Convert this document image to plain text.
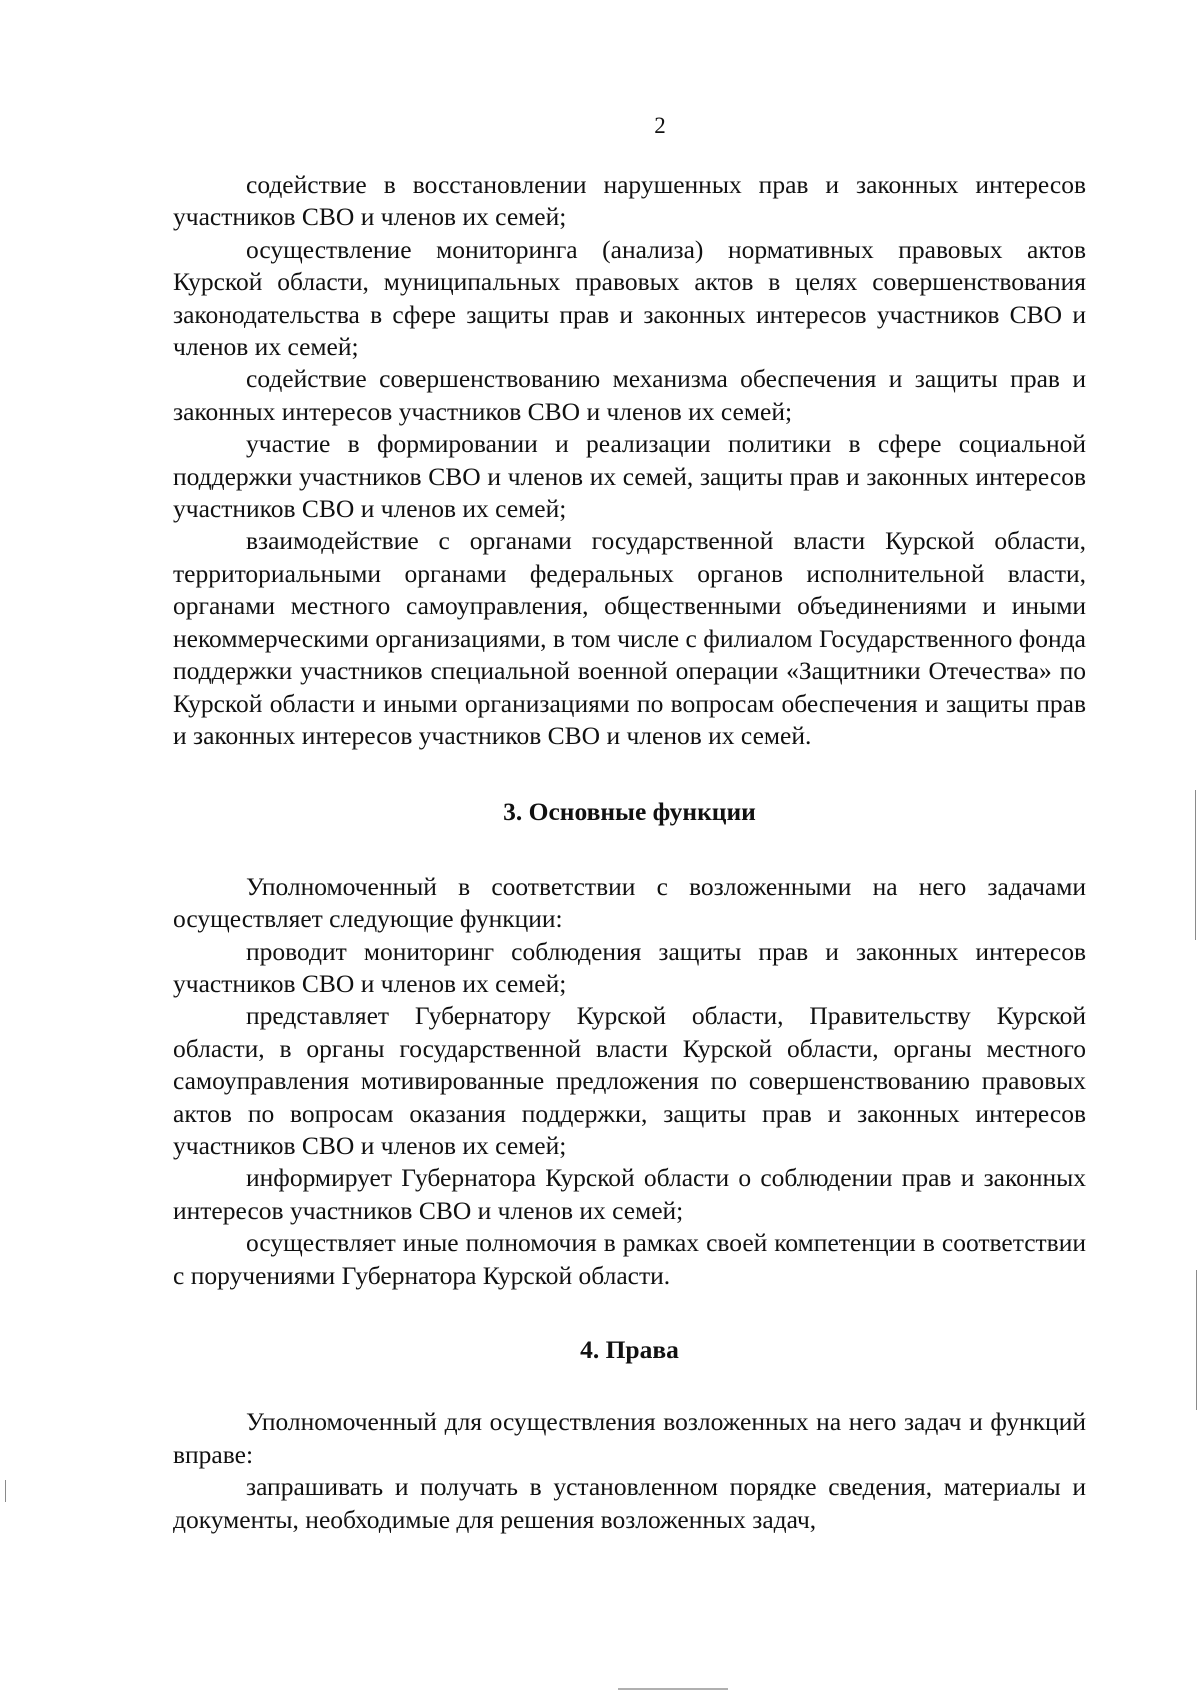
2

содействие в восстановлении нарушенных прав и законных интересов участников СВО и членов их семей;

осуществление мониторинга (анализа) нормативных правовых актов Курской области, муниципальных правовых актов в целях совершенствования законодательства в сфере защиты прав и законных интересов участников СВО и членов их семей;

содействие совершенствованию механизма обеспечения и защиты прав и законных интересов участников СВО и членов их семей;

участие в формировании и реализации политики в сфере социальной поддержки участников СВО и членов их семей, защиты прав и законных интересов участников СВО и членов их семей;

взаимодействие с органами государственной власти Курской области, территориальными органами федеральных органов исполнительной власти, органами местного самоуправления, общественными объединениями и иными некоммерческими организациями, в том числе с филиалом Государственного фонда поддержки участников специальной военной операции «Защитники Отечества» по Курской области и иными организациями по вопросам обеспечения и защиты прав и законных интересов участников СВО и членов их семей.

3. Основные функции

Уполномоченный в соответствии с возложенными на него задачами осуществляет следующие функции:

проводит мониторинг соблюдения защиты прав и законных интересов участников СВО и членов их семей;

представляет Губернатору Курской области, Правительству Курской области, в органы государственной власти Курской области, органы местного самоуправления мотивированные предложения по совершенствованию правовых актов по вопросам оказания поддержки, защиты прав и законных интересов участников СВО и членов их семей;

информирует Губернатора Курской области о соблюдении прав и законных интересов участников СВО и членов их семей;

осуществляет иные полномочия в рамках своей компетенции в соответствии с поручениями Губернатора Курской области.

4. Права

Уполномоченный для осуществления возложенных на него задач и функций вправе:

запрашивать и получать в установленном порядке сведения, материалы и документы, необходимые для решения возложенных задач,
